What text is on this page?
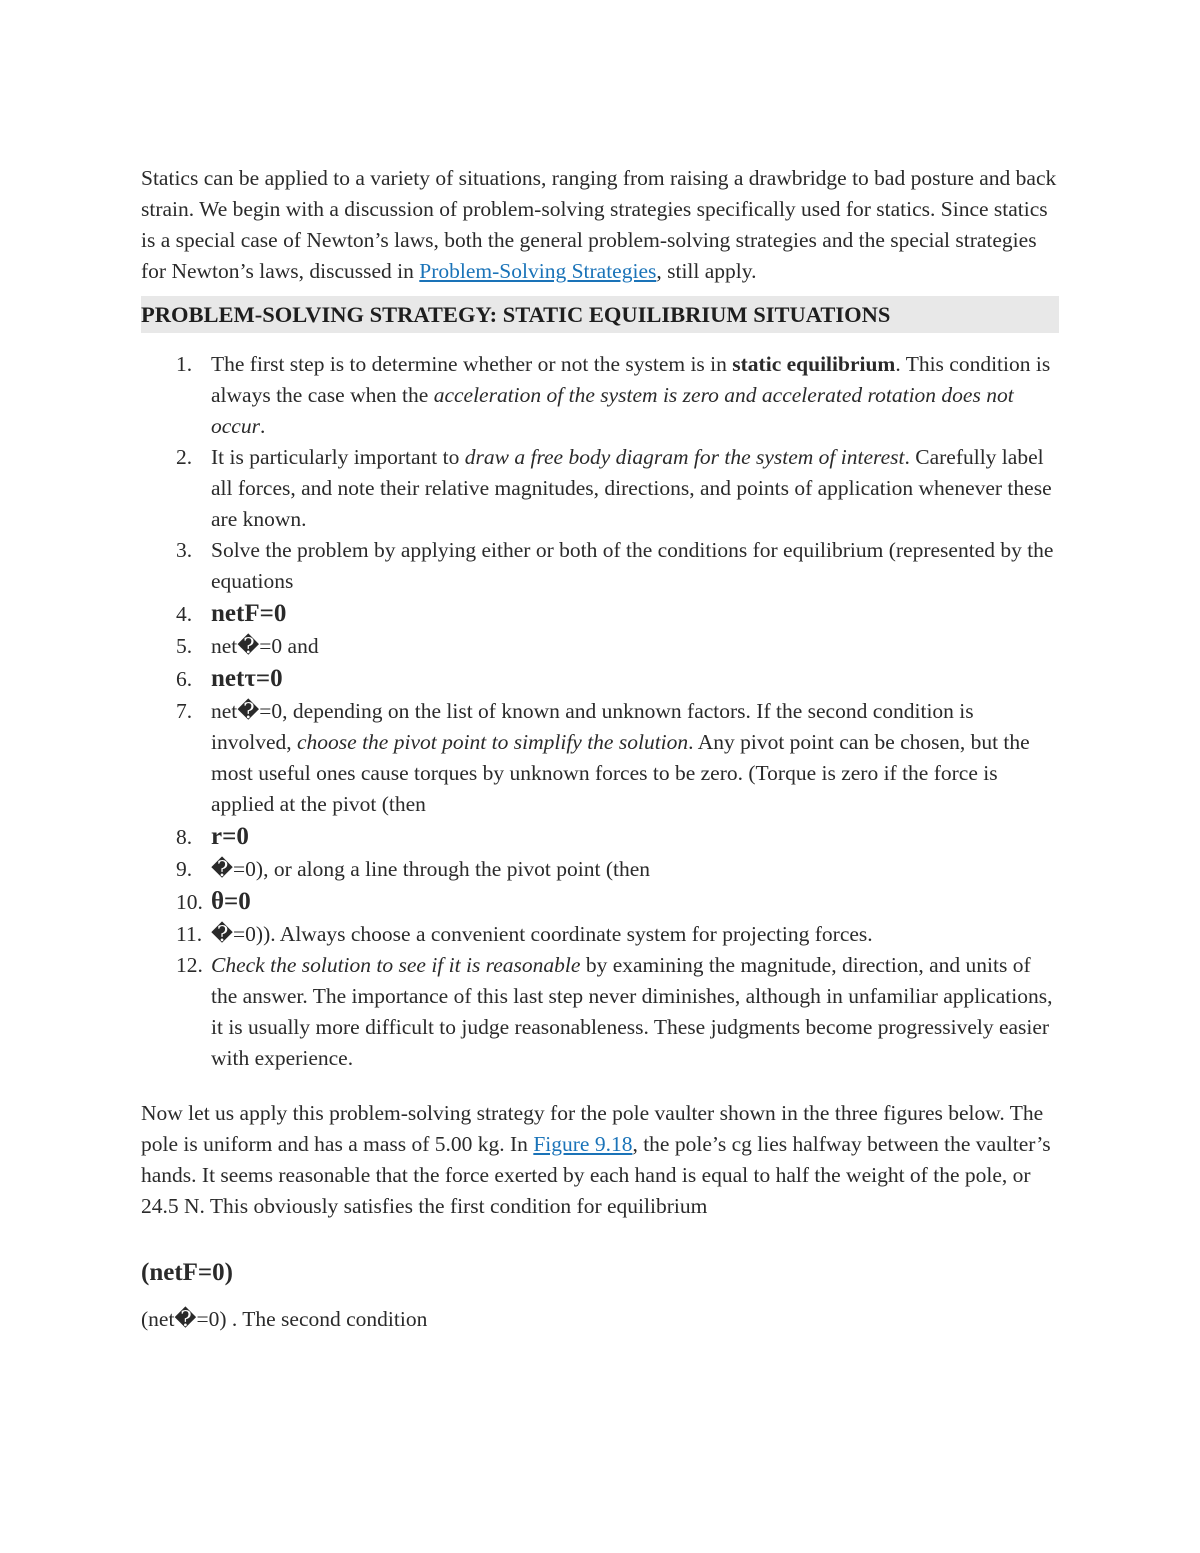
Statics can be applied to a variety of situations, ranging from raising a drawbridge to bad posture and back strain. We begin with a discussion of problem-solving strategies specifically used for statics. Since statics is a special case of Newton’s laws, both the general problem-solving strategies and the special strategies for Newton’s laws, discussed in Problem-Solving Strategies, still apply.

PROBLEM-SOLVING STRATEGY: STATIC EQUILIBRIUM SITUATIONS
The first step is to determine whether or not the system is in static equilibrium. This condition is always the case when the acceleration of the system is zero and accelerated rotation does not occur.
It is particularly important to draw a free body diagram for the system of interest. Carefully label all forces, and note their relative magnitudes, directions, and points of application whenever these are known.
Solve the problem by applying either or both of the conditions for equilibrium (represented by the equations
netF=0
net�=0 and
netτ=0
net�=0, depending on the list of known and unknown factors. If the second condition is involved, choose the pivot point to simplify the solution. Any pivot point can be chosen, but the most useful ones cause torques by unknown forces to be zero. (Torque is zero if the force is applied at the pivot (then
r=0
�=0), or along a line through the pivot point (then
θ=0
�=0)). Always choose a convenient coordinate system for projecting forces.
Check the solution to see if it is reasonable by examining the magnitude, direction, and units of the answer. The importance of this last step never diminishes, although in unfamiliar applications, it is usually more difficult to judge reasonableness. These judgments become progressively easier with experience.

Now let us apply this problem-solving strategy for the pole vaulter shown in the three figures below. The pole is uniform and has a mass of 5.00 kg. In Figure 9.18, the pole’s cg lies halfway between the vaulter’s hands. It seems reasonable that the force exerted by each hand is equal to half the weight of the pole, or 24.5 N. This obviously satisfies the first condition for equilibrium

(netF=0)
(net�=0) . The second condition
